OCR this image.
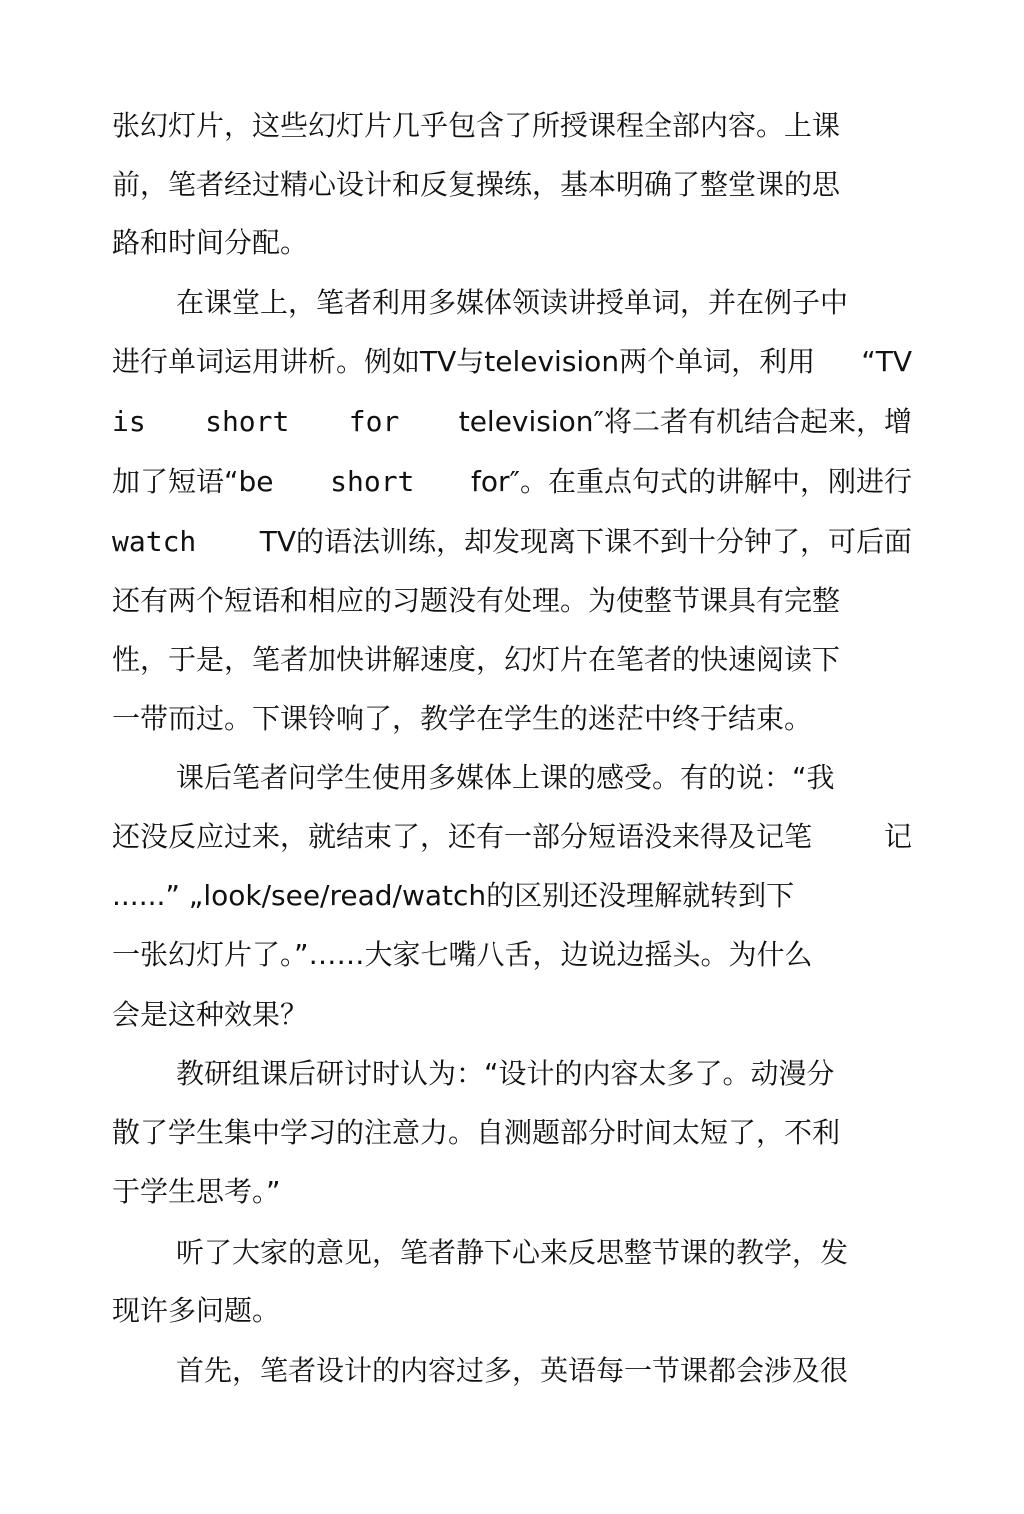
张幻灯片，这些幻灯片几乎包含了所授课程全部内容。上课
前，笔者经过精心设计和反复操练，基本明确了整堂课的思
路和时间分配。
在课堂上，笔者利用多媒体领读讲授单词，并在例子中
进行单词运用讲析。例如TV与television两个单词，利用 “TV
is short for television″将二者有机结合起来，增
加了短语“be short for″。在重点句式的讲解中，刚进行
watch TV的语法训练，却发现离下课不到十分钟了，可后面
还有两个短语和相应的习题没有处理。为使整节课具有完整
性，于是，笔者加快讲解速度，幻灯片在笔者的快速阅读下
一带而过。下课铃响了，教学在学生的迷茫中终于结束。
课后笔者问学生使用多媒体上课的感受。有的说：“我
还没反应过来，就结束了，还有一部分短语没来得及记笔	记
......” „look/see/read/watch的区别还没理解就转到下
一张幻灯片了。”……大家七嘴八舌，边说边摇头。为什么
会是这种效果？
教研组课后研讨时认为：“设计的内容太多了。动漫分
散了学生集中学习的注意力。自测题部分时间太短了，不利
于学生思考。”
听了大家的意见，笔者静下心来反思整节课的教学，发
现许多问题。
首先，笔者设计的内容过多，英语每一节课都会涉及很
